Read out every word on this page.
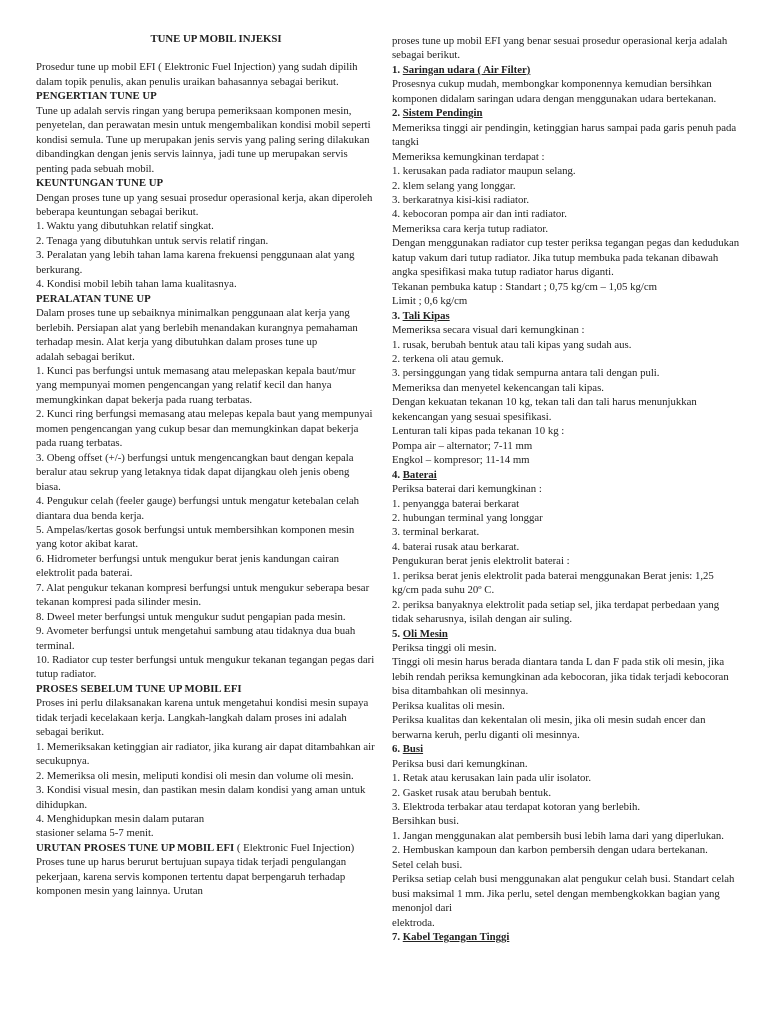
TUNE UP MOBIL INJEKSI
Prosedur tune up mobil EFI ( Elektronic Fuel Injection) yang sudah dipilih dalam topik penulis, akan penulis uraikan bahasannya sebagai berikut.
PENGERTIAN TUNE UP
Tune up adalah servis ringan yang berupa pemeriksaan komponen mesin, penyetelan, dan perawatan mesin untuk mengembalikan kondisi mobil seperti kondisi semula. Tune up merupakan jenis servis yang paling sering dilakukan dibandingkan dengan jenis servis lainnya, jadi tune up merupakan servis penting pada sebuah mobil.
KEUNTUNGAN TUNE UP
Dengan proses tune up yang sesuai prosedur operasional kerja, akan diperoleh beberapa keuntungan sebagai berikut.
1. Waktu yang dibutuhkan relatif singkat.
2. Tenaga yang dibutuhkan untuk servis relatif ringan.
3. Peralatan yang lebih tahan lama karena frekuensi penggunaan alat yang berkurang.
4. Kondisi mobil lebih tahan lama kualitasnya.
PERALATAN TUNE UP
Dalam proses tune up sebaiknya minimalkan penggunaan alat kerja yang berlebih. Persiapan alat yang berlebih menandakan kurangnya pemahaman terhadap mesin. Alat kerja yang dibutuhkan dalam proses tune up
adalah sebagai berikut.
1. Kunci pas berfungsi untuk memasang atau melepaskan kepala baut/mur yang mempunyai momen pengencangan yang relatif kecil dan hanya memungkinkan dapat bekerja pada ruang terbatas.
2. Kunci ring berfungsi memasang atau melepas kepala baut yang mempunyai momen pengencangan yang cukup besar dan memungkinkan dapat bekerja pada ruang terbatas.
3. Obeng offset (+/-) berfungsi untuk mengencangkan baut dengan kepala beralur atau sekrup yang letaknya tidak dapat dijangkau oleh jenis obeng biasa.
4. Pengukur celah (feeler gauge) berfungsi untuk mengatur ketebalan celah diantara dua benda kerja.
5. Ampelas/kertas gosok berfungsi untuk membersihkan komponen mesin yang kotor akibat karat.
6. Hidrometer berfungsi untuk mengukur berat jenis kandungan cairan elektrolit pada baterai.
7. Alat pengukur tekanan kompresi berfungsi untuk mengukur seberapa besar tekanan kompresi pada silinder mesin.
8. Dweel meter berfungsi untuk mengukur sudut pengapian pada mesin.
9. Avometer berfungsi untuk mengetahui sambung atau tidaknya dua buah terminal.
10. Radiator cup tester berfungsi untuk mengukur tekanan tegangan pegas dari tutup radiator.
PROSES SEBELUM TUNE UP MOBIL EFI
Proses ini perlu dilaksanakan karena untuk mengetahui kondisi mesin supaya tidak terjadi kecelakaan kerja. Langkah-langkah dalam proses ini adalah sebagai berikut.
1. Memeriksakan ketinggian air radiator, jika kurang air dapat ditambahkan air secukupnya.
2. Memeriksa oli mesin, meliputi kondisi oli mesin dan volume oli mesin.
3. Kondisi visual mesin, dan pastikan mesin dalam kondisi yang aman untuk dihidupkan.
4. Menghidupkan mesin dalam putaran
stasioner selama 5-7 menit.
URUTAN PROSES TUNE UP MOBIL EFI ( Elektronic Fuel Injection)
Proses tune up harus berurut bertujuan supaya tidak terjadi pengulangan pekerjaan, karena servis komponen tertentu dapat berpengaruh terhadap komponen mesin yang lainnya. Urutan
proses tune up mobil EFI yang benar sesuai prosedur operasional kerja adalah sebagai berikut.
1. Saringan udara ( Air Filter)
Prosesnya cukup mudah, membongkar komponennya kemudian bersihkan komponen didalam saringan udara dengan menggunakan udara bertekanan.
2. Sistem Pendingin
Memeriksa tinggi air pendingin, ketinggian harus sampai pada garis penuh pada tangki
Memeriksa kemungkinan terdapat :
1. kerusakan pada radiator maupun selang.
2. klem selang yang longgar.
3. berkaratnya kisi-kisi radiator.
4. kebocoran pompa air dan inti radiator.
Memeriksa cara kerja tutup radiator.
Dengan menggunakan radiator cup tester periksa tegangan pegas dan kedudukan katup vakum dari tutup radiator. Jika tutup membuka pada tekanan dibawah angka spesifikasi maka tutup radiator harus diganti.
Tekanan pembuka katup : Standart ; 0,75 kg/cm – 1,05 kg/cm
Limit ; 0,6 kg/cm
3. Tali Kipas
Memeriksa secara visual dari kemungkinan :
1. rusak, berubah bentuk atau tali kipas yang sudah aus.
2. terkena oli atau gemuk.
3. persinggungan yang tidak sempurna antara tali dengan puli.
Memeriksa dan menyetel kekencangan tali kipas.
Dengan kekuatan tekanan 10 kg, tekan tali dan tali harus menunjukkan kekencangan yang sesuai spesifikasi.
Lenturan tali kipas pada tekanan 10 kg :
Pompa air – alternator; 7-11 mm
Engkol – kompresor; 11-14 mm
4. Baterai
Periksa baterai dari kemungkinan :
1. penyangga baterai berkarat
2. hubungan terminal yang longgar
3. terminal berkarat.
4. baterai rusak atau berkarat.
Pengukuran berat jenis elektrolit baterai :
1. periksa berat jenis elektrolit pada baterai menggunakan Berat jenis: 1,25 kg/cm pada suhu 20º C.
2. periksa banyaknya elektrolit pada setiap sel, jika terdapat perbedaan yang tidak seharusnya, isilah dengan air suling.
5. Oli Mesin
Periksa tinggi oli mesin.
Tinggi oli mesin harus berada diantara tanda L dan F pada stik oli mesin, jika lebih rendah periksa kemungkinan ada kebocoran, jika tidak terjadi kebocoran bisa ditambahkan oli mesinnya.
Periksa kualitas oli mesin.
Periksa kualitas dan kekentalan oli mesin, jika oli mesin sudah encer dan berwarna keruh, perlu diganti oli mesinnya.
6. Busi
Periksa busi dari kemungkinan.
1. Retak atau kerusakan lain pada ulir isolator.
2. Gasket rusak atau berubah bentuk.
3. Elektroda terbakar atau terdapat kotoran yang berlebih.
Bersihkan busi.
1. Jangan menggunakan alat pembersih busi lebih lama dari yang diperlukan.
2. Hembuskan kampoun dan karbon pembersih dengan udara bertekanan.
Setel celah busi.
Periksa setiap celah busi menggunakan alat pengukur celah busi. Standart celah busi maksimal 1 mm. Jika perlu, setel dengan membengkokkan bagian yang menonjol dari
elektroda.
7. Kabel Tegangan Tinggi
